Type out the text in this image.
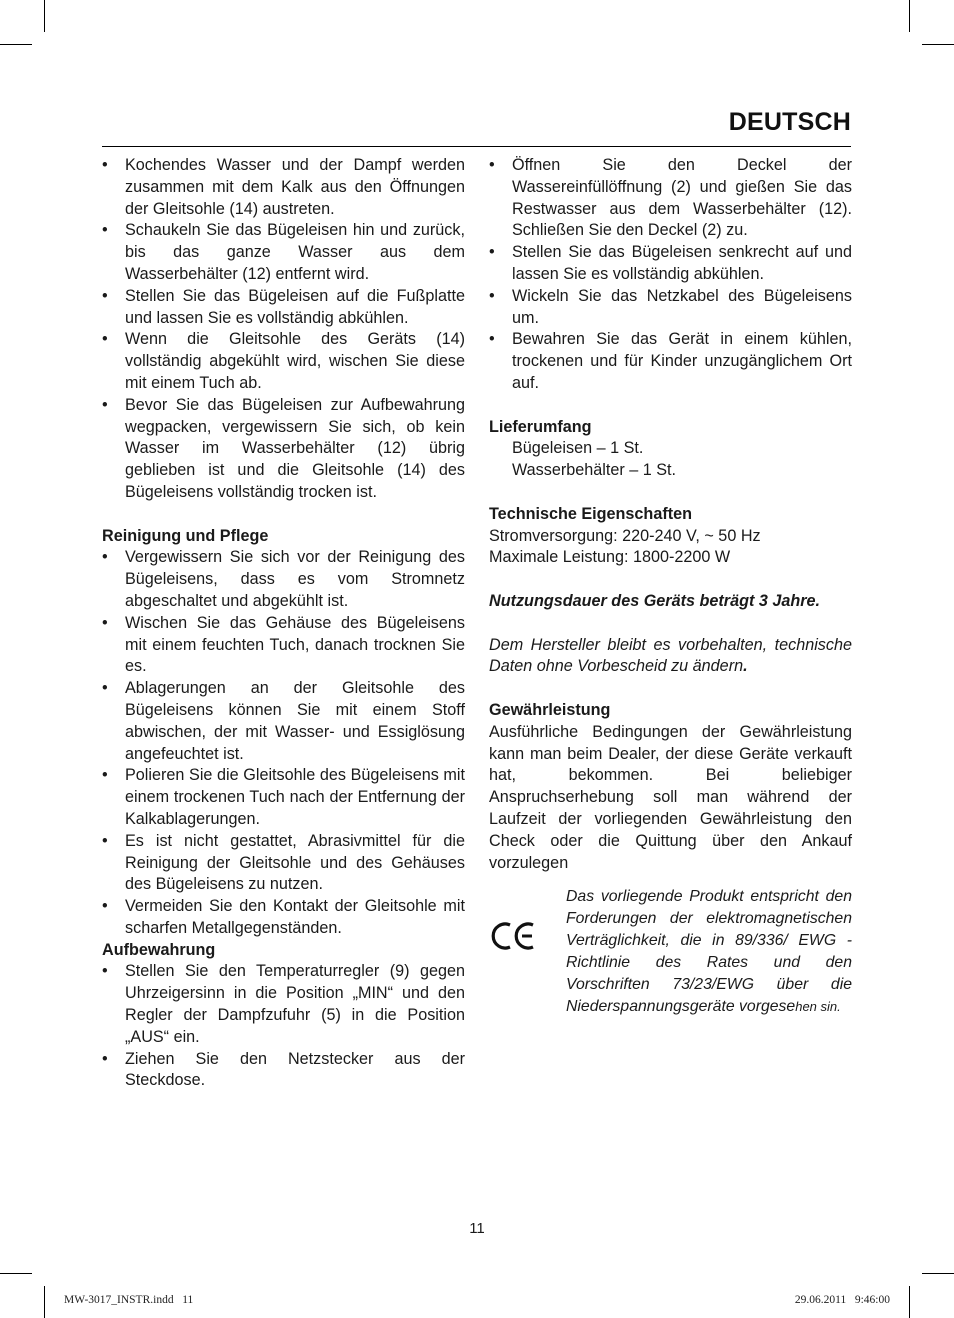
DEUTSCH
• Kochendes Wasser und der Dampf werden zusammen mit dem Kalk aus den Öffnungen der Gleitsohle (14) austreten.
• Schaukeln Sie das Bügeleisen hin und zurück, bis das ganze Wasser aus dem Wasserbehälter (12) entfernt wird.
• Stellen Sie das Bügeleisen auf die Fußplatte und lassen Sie es vollständig abkühlen.
• Wenn die Gleitsohle des Geräts (14) vollständig abgekühlt wird, wischen Sie diese mit einem Tuch ab.
• Bevor Sie das Bügeleisen zur Aufbewahrung wegpacken, vergewissern Sie sich, ob kein Wasser im Wasserbehälter (12) übrig geblieben ist und die Gleitsohle (14) des Bügeleisens vollständig trocken ist.

Reinigung und Pflege

• Vergewissern Sie sich vor der Reinigung des Bügeleisens, dass es vom Stromnetz abgeschaltet und abgekühlt ist.
• Wischen Sie das Gehäuse des Bügeleisens mit einem feuchten Tuch, danach trocknen Sie es.
• Ablagerungen an der Gleitsohle des Bügeleisens können Sie mit einem Stoff abwischen, der mit Wasser- und Essiglösung angefeuchtet ist.
• Polieren Sie die Gleitsohle des Bügeleisens mit einem trockenen Tuch nach der Entfernung der Kalkablagerungen.
• Es ist nicht gestattet, Abrasivmittel für die Reinigung der Gleitsohle und des Gehäuses des Bügeleisens zu nutzen.
• Vermeiden Sie den Kontakt der Gleitsohle mit scharfen Metallgegenständen.

Aufbewahrung

• Stellen Sie den Temperaturregler (9) gegen Uhrzeigersinn in die Position „MIN“ und den Regler der Dampfzufuhr (5) in die Position „AUS“ ein.
• Ziehen Sie den Netzstecker aus der Steckdose.
• Öffnen Sie den Deckel der Wassereinfüllöffnung (2) und gießen Sie das Restwasser aus dem Wasserbehälter (12). Schließen Sie den Deckel (2) zu.
• Stellen Sie das Bügeleisen senkrecht auf und lassen Sie es vollständig abkühlen.
• Wickeln Sie das Netzkabel des Bügeleisens um.
• Bewahren Sie das Gerät in einem kühlen, trockenen und für Kinder unzugänglichem Ort auf.

Lieferumfang

Bügeleisen – 1 St.

Wasserbehälter – 1 St.

Technische Eigenschaften

Stromversorgung: 220-240 V, ~ 50 Hz

Maximale Leistung: 1800-2200 W

Nutzungsdauer des Geräts beträgt 3 Jahre.

Dem Hersteller bleibt es vorbehalten, technische Daten ohne Vorbescheid zu ändern.

Gewährleistung

Ausführliche Bedingungen der Gewährleistung kann man beim Dealer, der diese Geräte verkauft hat, bekommen. Bei beliebiger Anspruchserhebung soll man während der Laufzeit der vorliegenden Gewährleistung den Check oder die Quittung über den Ankauf vorzulegen

Das vorliegende Produkt entspricht den Forderungen der elektromagnetischen Verträglichkeit, die in 89/336/ EWG -Richtlinie des Rates und den Vorschriften 73/23/EWG über die Niederspannungsgeräte vorgesehen sin.

11
MW-3017_INSTR.indd   11	29.06.2011   9:46:00
